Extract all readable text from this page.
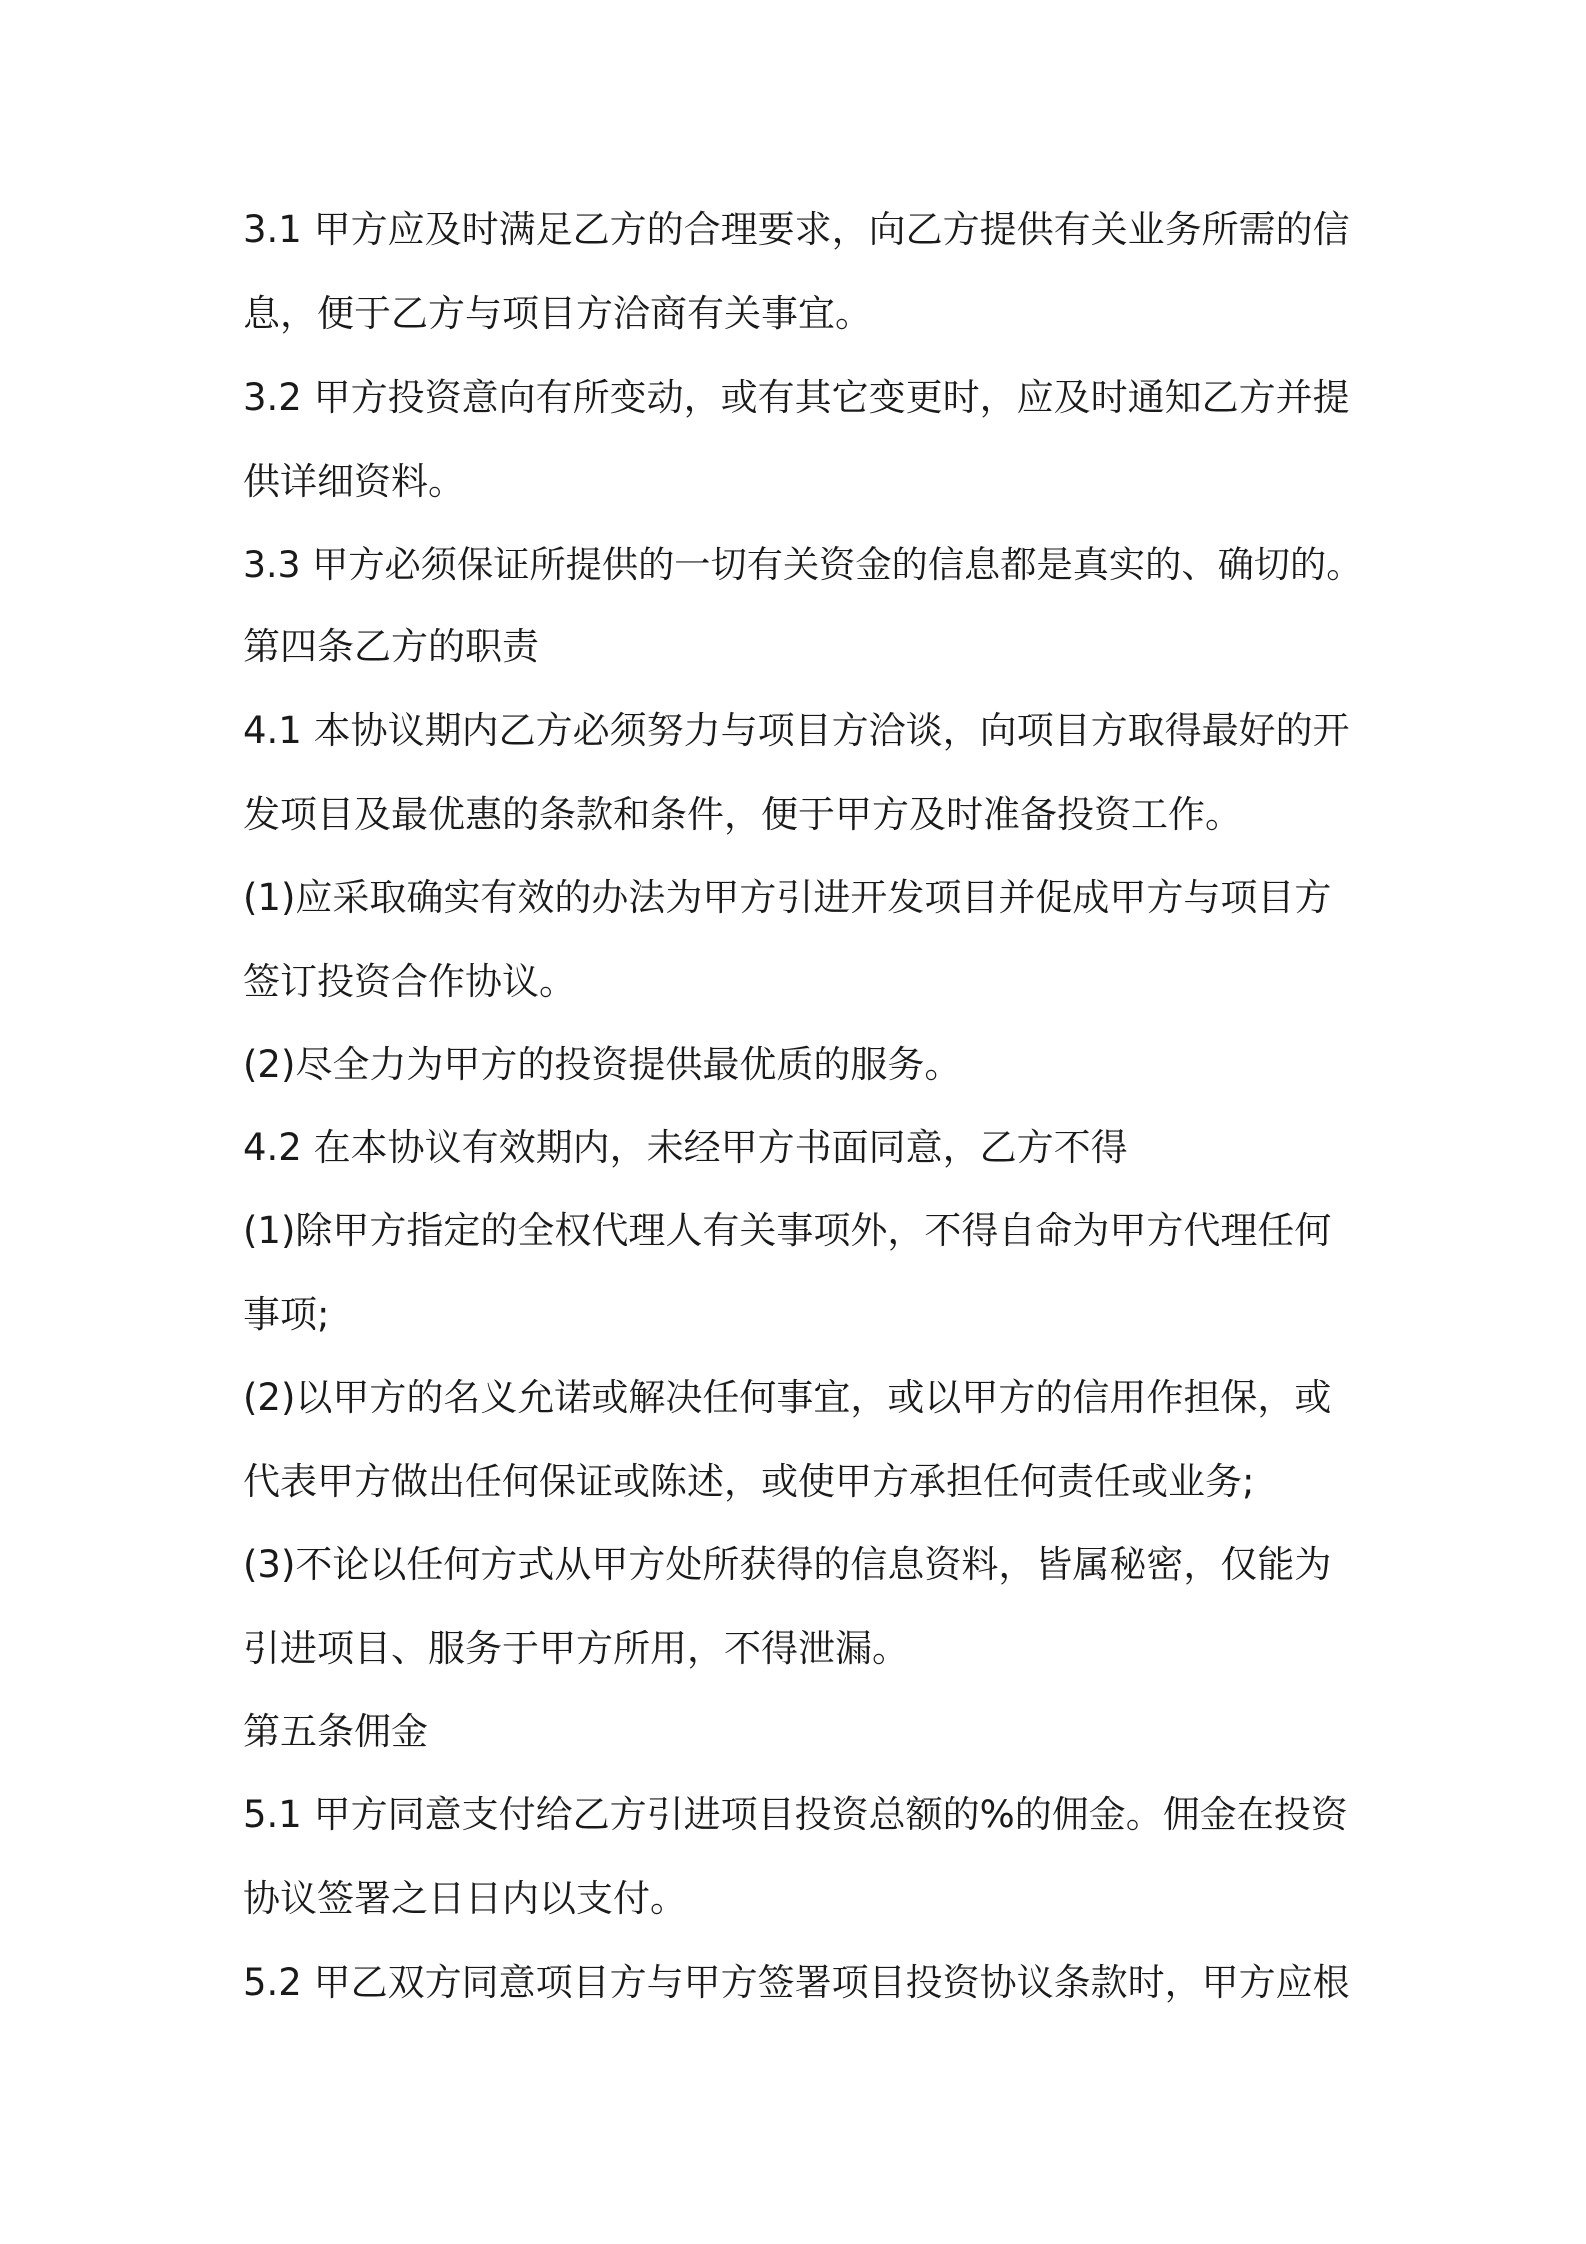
3.1 甲方应及时满足乙方的合理要求，向乙方提供有关业务所需的信
息，便于乙方与项目方洽商有关事宜。
3.2 甲方投资意向有所变动，或有其它变更时，应及时通知乙方并提
供详细资料。
3.3 甲方必须保证所提供的一切有关资金的信息都是真实的、确切的。
第四条乙方的职责
4.1 本协议期内乙方必须努力与项目方洽谈，向项目方取得最好的开
发项目及最优惠的条款和条件，便于甲方及时准备投资工作。
(1)应采取确实有效的办法为甲方引进开发项目并促成甲方与项目方
签订投资合作协议。
(2)尽全力为甲方的投资提供最优质的服务。
4.2 在本协议有效期内，未经甲方书面同意，乙方不得
(1)除甲方指定的全权代理人有关事项外，不得自命为甲方代理任何
事项;
(2)以甲方的名义允诺或解决任何事宜，或以甲方的信用作担保，或
代表甲方做出任何保证或陈述，或使甲方承担任何责任或业务;
(3)不论以任何方式从甲方处所获得的信息资料，皆属秘密，仅能为
引进项目、服务于甲方所用，不得泄漏。
第五条佣金
5.1 甲方同意支付给乙方引进项目投资总额的%的佣金。佣金在投资
协议签署之日日内以支付。
5.2 甲乙双方同意项目方与甲方签署项目投资协议条款时，甲方应根
